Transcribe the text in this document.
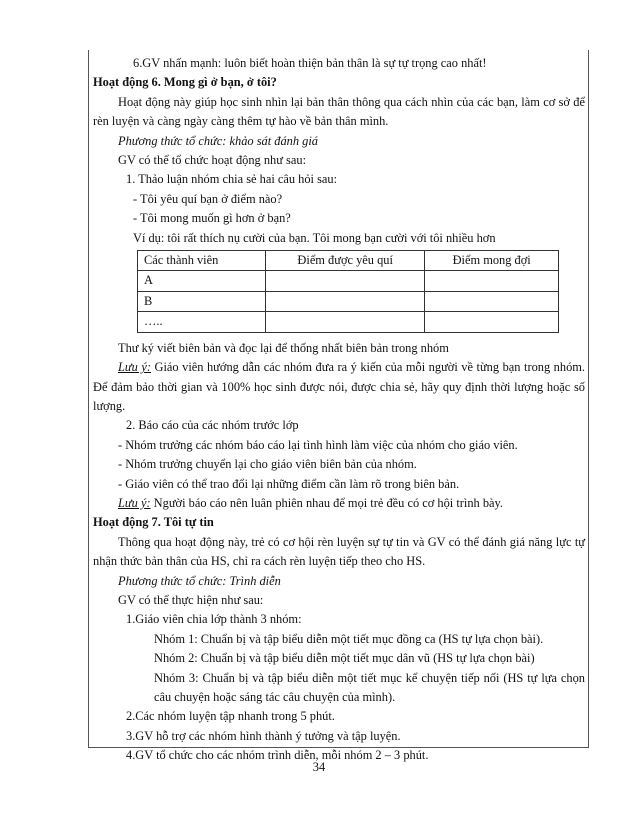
6.GV nhấn mạnh: luôn biết hoàn thiện bản thân là sự tự trọng cao nhất!

Hoạt động 6. Mong gì ở bạn, ở tôi?

Hoạt động này giúp học sinh nhìn lại bản thân thông qua cách nhìn của các bạn, làm cơ sở để rèn luyện và càng ngày càng thêm tự hào về bản thân mình.

Phương thức tổ chức: khảo sát đánh giá

GV có thể tổ chức hoạt động như sau:

1. Thảo luận nhóm chia sẻ hai câu hỏi sau:

- Tôi yêu quí bạn ở điểm nào?

- Tôi mong muốn gì hơn ở bạn?

Ví dụ: tôi rất thích nụ cười của bạn. Tôi mong bạn cười với tôi nhiều hơn

Các thành viên	Điểm được yêu quí	Điểm mong đợi
A		
B		
…..		

Thư ký viết biên bản và đọc lại để thống nhất biên bản trong nhóm

Lưu ý: Giáo viên hướng dẫn các nhóm đưa ra ý kiến của mỗi người về từng bạn trong nhóm. Để đảm bảo thời gian và 100% học sinh được nói, được chia sẻ, hãy quy định thời lượng hoặc số lượng.

2. Báo cáo của các nhóm trước lớp

- Nhóm trưởng các nhóm báo cáo lại tình hình làm việc của nhóm cho giáo viên.

- Nhóm trưởng chuyển lại cho giáo viên biên bản của nhóm.

- Giáo viên có thể trao đổi lại những điểm cần làm rõ trong biên bản.

Lưu ý: Người báo cáo nên luân phiên nhau để mọi trẻ đều có cơ hội trình bày.

Hoạt động 7. Tôi tự tin

Thông qua hoạt động này, trẻ có cơ hội rèn luyện sự tự tin và GV có thể đánh giá năng lực tự nhận thức bản thân của HS, chỉ ra cách rèn luyện tiếp theo cho HS.

Phương thức tổ chức: Trình diễn

GV có thể thực hiện như sau:

1.Giáo viên chia lớp thành 3 nhóm:

Nhóm 1: Chuẩn bị và tập biểu diễn một tiết mục đồng ca (HS tự lựa chọn bài).

Nhóm 2: Chuẩn bị và tập biểu diễn một tiết mục dân vũ (HS tự lựa chọn bài)

Nhóm 3: Chuẩn bị và tập biểu diễn một tiết mục kể chuyện tiếp nối (HS tự lựa chọn câu chuyện hoặc sáng tác câu chuyện của mình).

2.Các nhóm luyện tập nhanh trong 5 phút.

3.GV hỗ trợ các nhóm hình thành ý tưởng và tập luyện.

4.GV tổ chức cho các nhóm trình diễn, mỗi nhóm 2 – 3 phút.

34
